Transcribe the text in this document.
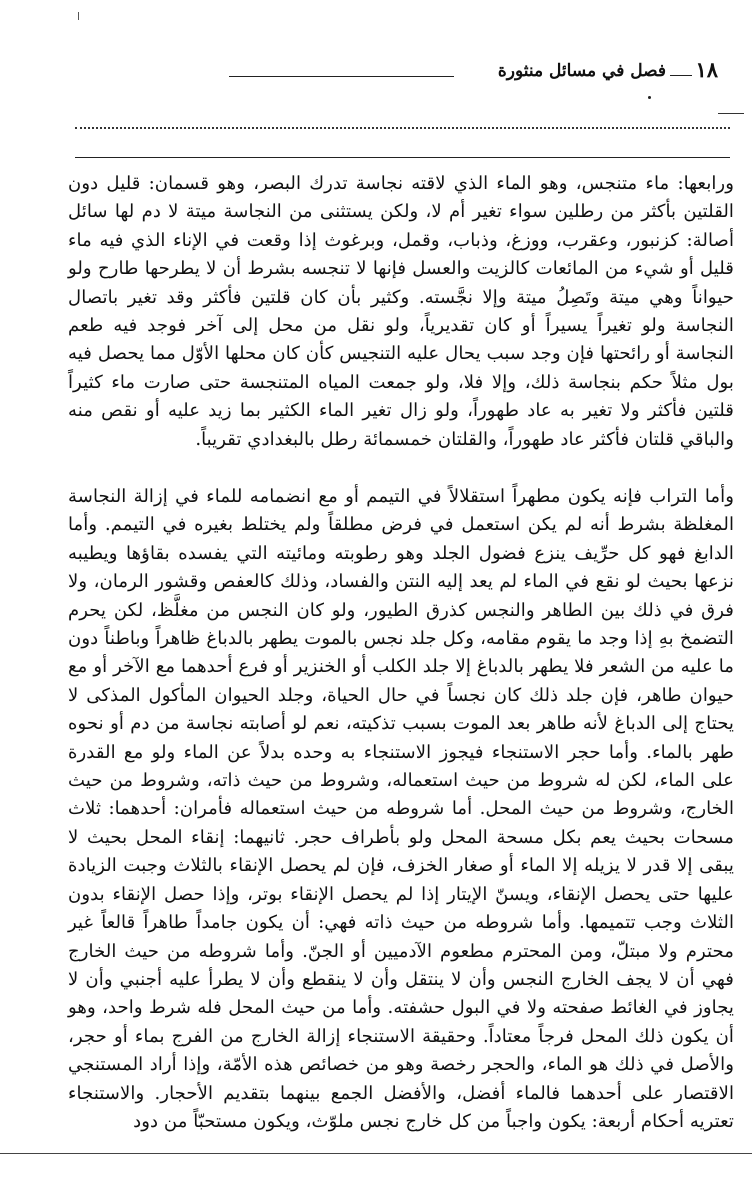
١٨
فصل في مسائل منثورة

ورابعها: ماء متنجس، وهو الماء الذي لاقته نجاسة تدرك البصر، وهو قسمان: قليل دون القلتين بأكثر من رطلين سواء تغير أم لا، ولكن يستثنى من النجاسة ميتة لا دم لها سائل أصالة: كزنبور، وعقرب، ووزغ، وذباب، وقمل، وبرغوث إذا وقعت في الإناء الذي فيه ماء قليل أو شيء من المائعات كالزيت والعسل فإنها لا تنجسه بشرط أن لا يطرحها طارح ولو حيواناً وهي ميتة وتَصِلُ ميتة وإلا نجَّسته. وكثير بأن كان قلتين فأكثر وقد تغير باتصال النجاسة ولو تغيراً يسيراً أو كان تقديرياً، ولو نقل من محل إلى آخر فوجد فيه طعم النجاسة أو رائحتها فإن وجد سبب يحال عليه التنجيس كأن كان محلها الأوّل مما يحصل فيه بول مثلاً حكم بنجاسة ذلك، وإلا فلا، ولو جمعت المياه المتنجسة حتى صارت ماء كثيراً قلتين فأكثر ولا تغير به عاد طهوراً، ولو زال تغير الماء الكثير بما زيد عليه أو نقص منه والباقي قلتان فأكثر عاد طهوراً، والقلتان خمسمائة رطل بالبغدادي تقريباً.

وأما التراب فإنه يكون مطهراً استقلالاً في التيمم أو مع انضمامه للماء في إزالة النجاسة المغلظة بشرط أنه لم يكن استعمل في فرض مطلقاً ولم يختلط بغيره في التيمم. وأما الدابغ فهو كل حرِّيف ينزع فضول الجلد وهو رطوبته ومائيته التي يفسده بقاؤها ويطيبه نزعها بحيث لو نقع في الماء لم يعد إليه النتن والفساد، وذلك كالعفص وقشور الرمان، ولا فرق في ذلك بين الطاهر والنجس كذرق الطيور، ولو كان النجس من مغلَّظ، لكن يحرم التضمخ بهِ إذا وجد ما يقوم مقامه، وكل جلد نجس بالموت يطهر بالدباغ ظاهراً وباطناً دون ما عليه من الشعر فلا يطهر بالدباغ إلا جلد الكلب أو الخنزير أو فرع أحدهما مع الآخر أو مع حيوان طاهر، فإن جلد ذلك كان نجساً في حال الحياة، وجلد الحيوان المأكول المذكى لا يحتاج إلى الدباغ لأنه طاهر بعد الموت بسبب تذكيته، نعم لو أصابته نجاسة من دم أو نحوه طهر بالماء. وأما حجر الاستنجاء فيجوز الاستنجاء به وحده بدلاً عن الماء ولو مع القدرة على الماء، لكن له شروط من حيث استعماله، وشروط من حيث ذاته، وشروط من حيث الخارج، وشروط من حيث المحل. أما شروطه من حيث استعماله فأمران: أحدهما: ثلاث مسحات بحيث يعم بكل مسحة المحل ولو بأطراف حجر. ثانيهما: إنقاء المحل بحيث لا يبقى إلا قدر لا يزيله إلا الماء أو صغار الخزف، فإن لم يحصل الإنقاء بالثلاث وجبت الزيادة عليها حتى يحصل الإنقاء، ويسنّ الإيتار إذا لم يحصل الإنقاء بوتر، وإذا حصل الإنقاء بدون الثلاث وجب تتميمها. وأما شروطه من حيث ذاته فهي: أن يكون جامداً طاهراً قالعاً غير محترم ولا مبتلّ، ومن المحترم مطعوم الآدميين أو الجنّ. وأما شروطه من حيث الخارج فهي أن لا يجف الخارج النجس وأن لا ينتقل وأن لا ينقطع وأن لا يطرأ عليه أجنبي وأن لا يجاوز في الغائط صفحته ولا في البول حشفته. وأما من حيث المحل فله شرط واحد، وهو أن يكون ذلك المحل فرجاً معتاداً. وحقيقة الاستنجاء إزالة الخارج من الفرج بماء أو حجر، والأصل في ذلك هو الماء، والحجر رخصة وهو من خصائص هذه الأمّة، وإذا أراد المستنجي الاقتصار على أحدهما فالماء أفضل، والأفضل الجمع بينهما بتقديم الأحجار. والاستنجاء تعتريه أحكام أربعة: يكون واجباً من كل خارج نجس ملوّث، ويكون مستحبّاً من دود
